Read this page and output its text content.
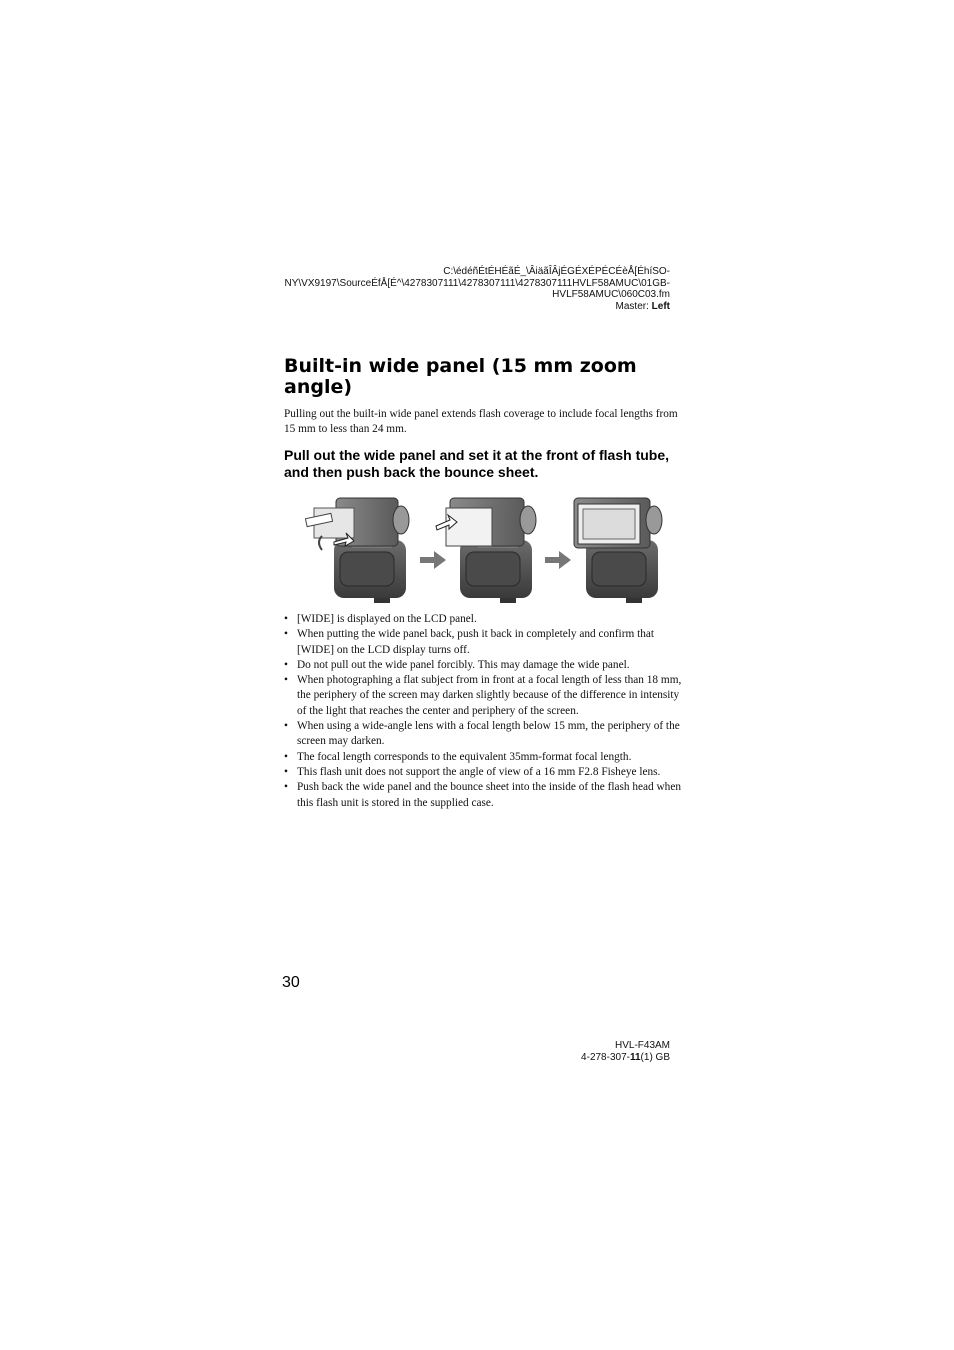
C:\édéñÉtÉHÉãÉ_\ÂiäãÎÂjÉGÉXÉPÉCÉèÅ[ÉhíSO-
NY\VX9197\SourceÉfÅ[É^\4278307111\4278307111\4278307111HVLF58AMUC\01GB-
HVLF58AMUC\060C03.fm
Master: Left
Built-in wide panel (15 mm zoom angle)

Pulling out the built-in wide panel extends flash coverage to include focal lengths from 15 mm to less than 24 mm.

Pull out the wide panel and set it at the front of flash tube, and then push back the bounce sheet.

• [WIDE] is displayed on the LCD panel.
• When putting the wide panel back, push it back in completely and confirm that [WIDE] on the LCD display turns off.
• Do not pull out the wide panel forcibly. This may damage the wide panel.
• When photographing a flat subject from in front at a focal length of less than 18 mm, the periphery of the screen may darken slightly because of the difference in intensity of the light that reaches the center and periphery of the screen.
• When using a wide-angle lens with a focal length below 15 mm, the periphery of the screen may darken.
• The focal length corresponds to the equivalent 35mm-format focal length.
• This flash unit does not support the angle of view of a 16 mm F2.8 Fisheye lens.
• Push back the wide panel and the bounce sheet into the inside of the flash head when this flash unit is stored in the supplied case.
30
HVL-F43AM
4-278-307-11(1) GB
